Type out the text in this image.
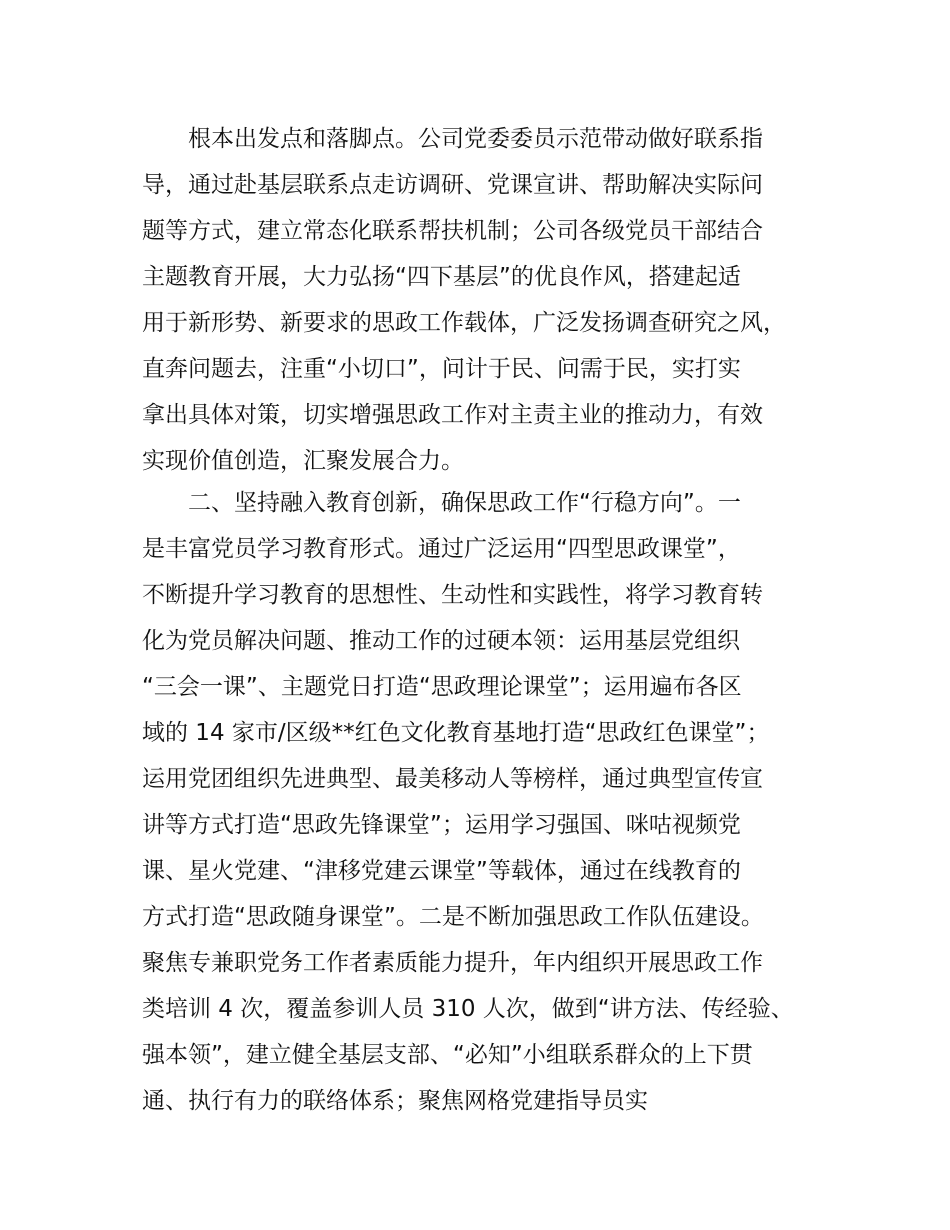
根本出发点和落脚点。公司党委委员示范带动做好联系指
导，通过赴基层联系点走访调研、党课宣讲、帮助解决实际问
题等方式，建立常态化联系帮扶机制；公司各级党员干部结合
主题教育开展，大力弘扬“四下基层”的优良作风，搭建起适
用于新形势、新要求的思政工作载体，广泛发扬调查研究之风，
直奔问题去，注重“小切口”，问计于民、问需于民，实打实
拿出具体对策，切实增强思政工作对主责主业的推动力，有效
实现价值创造，汇聚发展合力。
二、坚持融入教育创新，确保思政工作“行稳方向”。一
是丰富党员学习教育形式。通过广泛运用“四型思政课堂”，
不断提升学习教育的思想性、生动性和实践性，将学习教育转
化为党员解决问题、推动工作的过硬本领：运用基层党组织
“三会一课”、主题党日打造“思政理论课堂”；运用遍布各区
域的 14 家市/区级**红色文化教育基地打造“思政红色课堂”；
运用党团组织先进典型、最美移动人等榜样，通过典型宣传宣
讲等方式打造“思政先锋课堂”；运用学习强国、咪咕视频党
课、星火党建、“津移党建云课堂”等载体，通过在线教育的
方式打造“思政随身课堂”。二是不断加强思政工作队伍建设。
聚焦专兼职党务工作者素质能力提升，年内组织开展思政工作
类培训 4 次，覆盖参训人员 310 人次，做到“讲方法、传经验、
强本领”，建立健全基层支部、“必知”小组联系群众的上下贯
通、执行有力的联络体系；聚焦网格党建指导员实
